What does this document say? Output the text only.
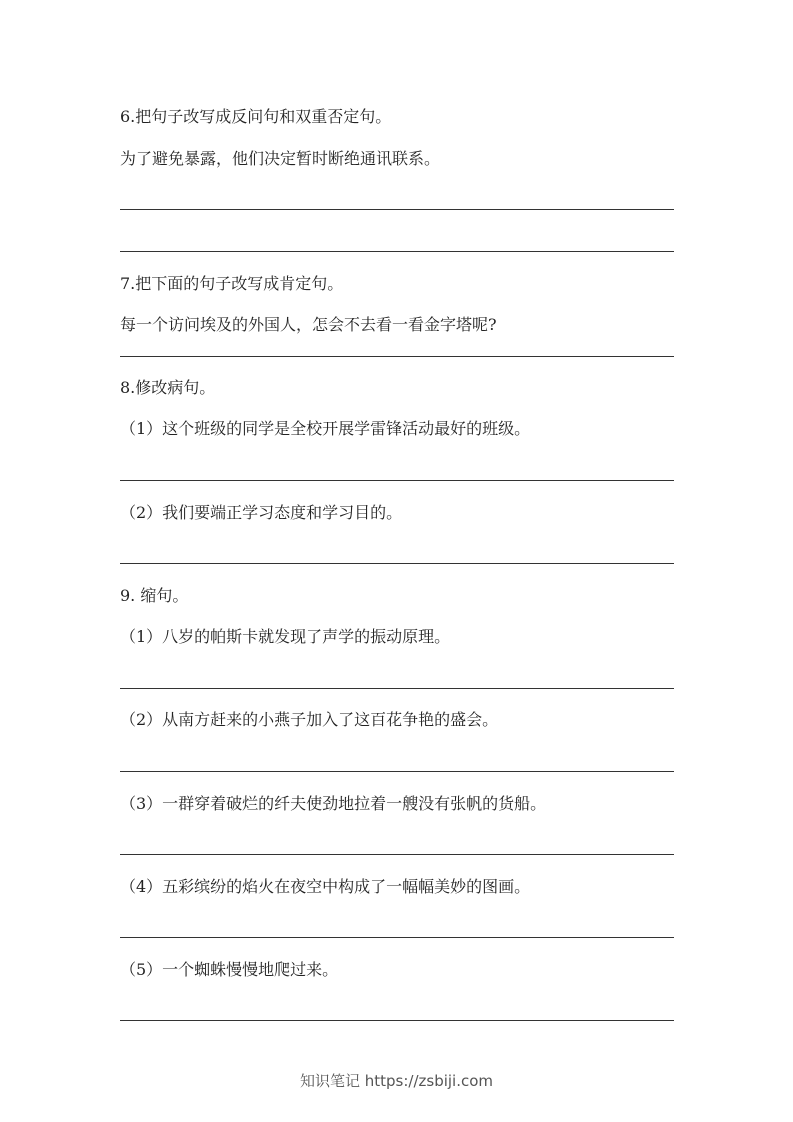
6.把句子改写成反问句和双重否定句。
为了避免暴露，他们决定暂时断绝通讯联系。
7.把下面的句子改写成肯定句。
每一个访问埃及的外国人，怎会不去看一看金字塔呢?
8.修改病句。
（1）这个班级的同学是全校开展学雷锋活动最好的班级。
（2）我们要端正学习态度和学习目的。
9. 缩句。
（1）八岁的帕斯卡就发现了声学的振动原理。
（2）从南方赶来的小燕子加入了这百花争艳的盛会。
（3）一群穿着破烂的纤夫使劲地拉着一艘没有张帆的货船。
（4）五彩缤纷的焰火在夜空中构成了一幅幅美妙的图画。
（5）一个蜘蛛慢慢地爬过来。
知识笔记 https://zsbiji.com
